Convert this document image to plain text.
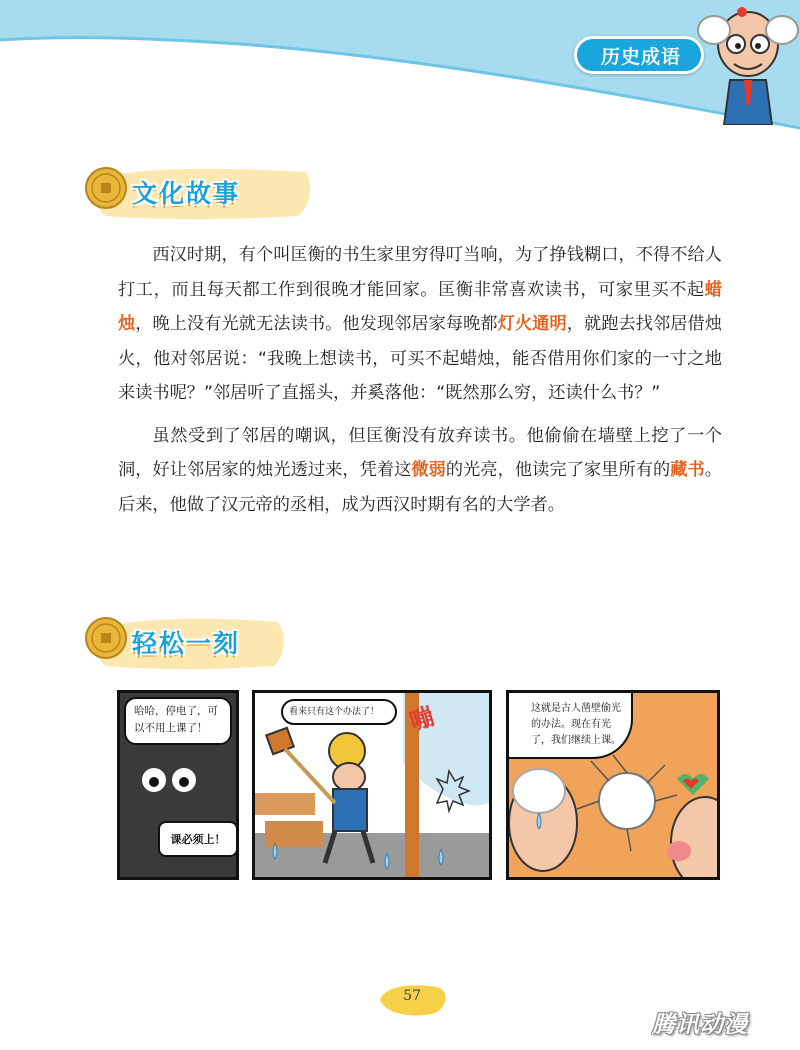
历史成语
文化故事

西汉时期，有个叫匡衡的书生家里穷得叮当响，为了挣钱糊口，不得不给人打工，而且每天都工作到很晚才能回家。匡衡非常喜欢读书，可家里买不起蜡烛，晚上没有光就无法读书。他发现邻居家每晚都灯火通明，就跑去找邻居借烛火，他对邻居说：“我晚上想读书，可买不起蜡烛，能否借用你们家的一寸之地来读书呢？”邻居听了直摇头，并奚落他：“既然那么穷，还读什么书？”

虽然受到了邻居的嘲讽，但匡衡没有放弃读书。他偷偷在墙壁上挖了一个洞，好让邻居家的烛光透过来，凭着这微弱的光亮，他读完了家里所有的藏书。后来，他做了汉元帝的丞相，成为西汉时期有名的大学者。

轻松一刻
哈哈，停电了，可以不用上课了！
课必须上！
嘣
看来只有这个办法了！	这就是古人凿壁偷光的办法。现在有光了，我们继续上课。
57
腾讯动漫
